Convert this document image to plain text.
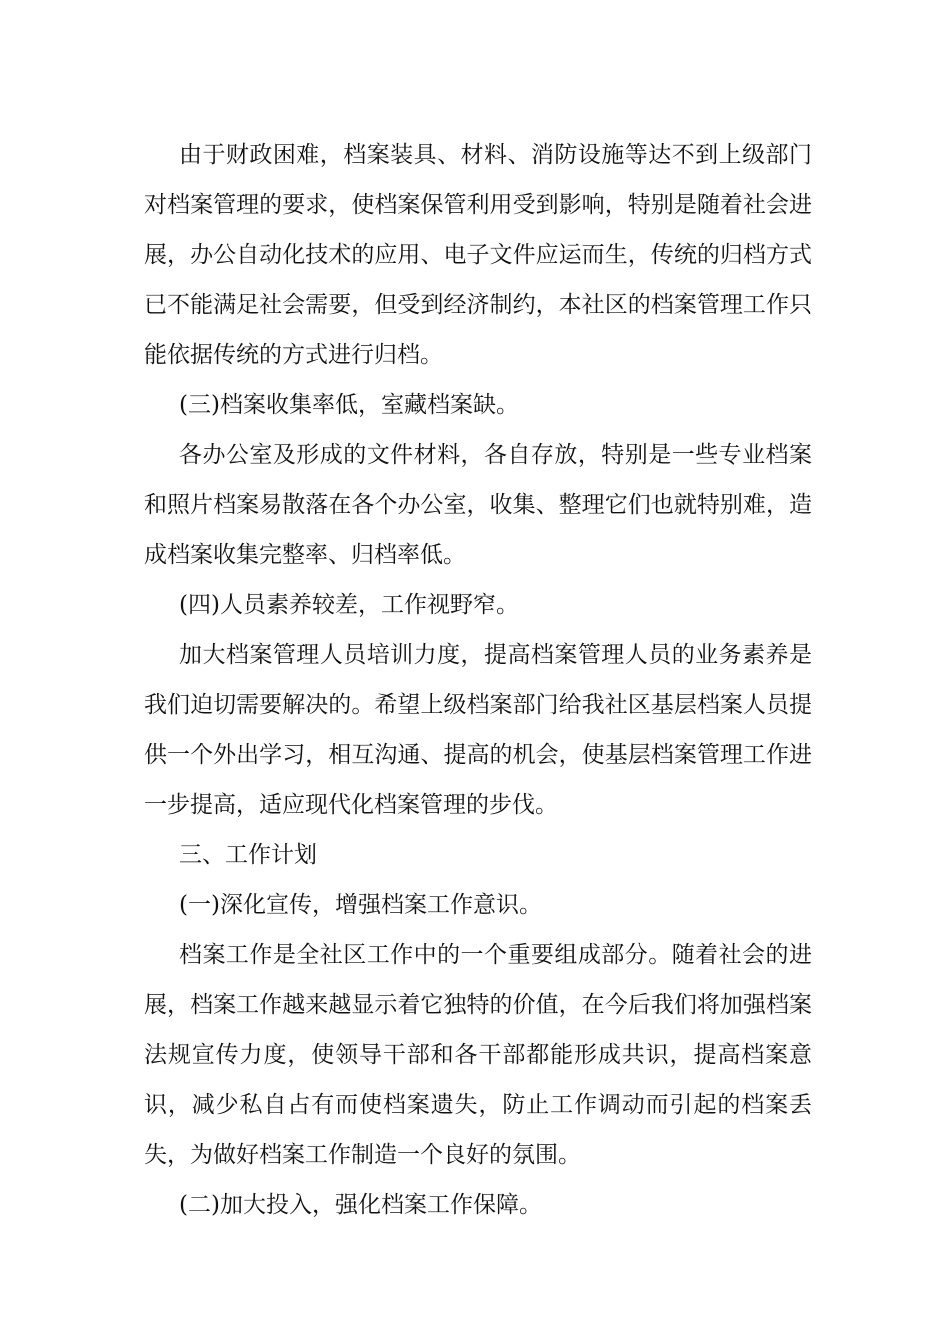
由于财政困难，档案装具、材料、消防设施等达不到上级部门对档案管理的要求，使档案保管利用受到影响，特别是随着社会进展，办公自动化技术的应用、电子文件应运而生，传统的归档方式已不能满足社会需要，但受到经济制约，本社区的档案管理工作只能依据传统的方式进行归档。

(三)档案收集率低，室藏档案缺。

各办公室及形成的文件材料，各自存放，特别是一些专业档案和照片档案易散落在各个办公室，收集、整理它们也就特别难，造成档案收集完整率、归档率低。

(四)人员素养较差，工作视野窄。

加大档案管理人员培训力度，提高档案管理人员的业务素养是我们迫切需要解决的。希望上级档案部门给我社区基层档案人员提供一个外出学习，相互沟通、提高的机会，使基层档案管理工作进一步提高，适应现代化档案管理的步伐。

三、工作计划

(一)深化宣传，增强档案工作意识。

档案工作是全社区工作中的一个重要组成部分。随着社会的进展，档案工作越来越显示着它独特的价值，在今后我们将加强档案法规宣传力度，使领导干部和各干部都能形成共识，提高档案意识，减少私自占有而使档案遗失，防止工作调动而引起的档案丢失，为做好档案工作制造一个良好的氛围。

(二)加大投入，强化档案工作保障。
